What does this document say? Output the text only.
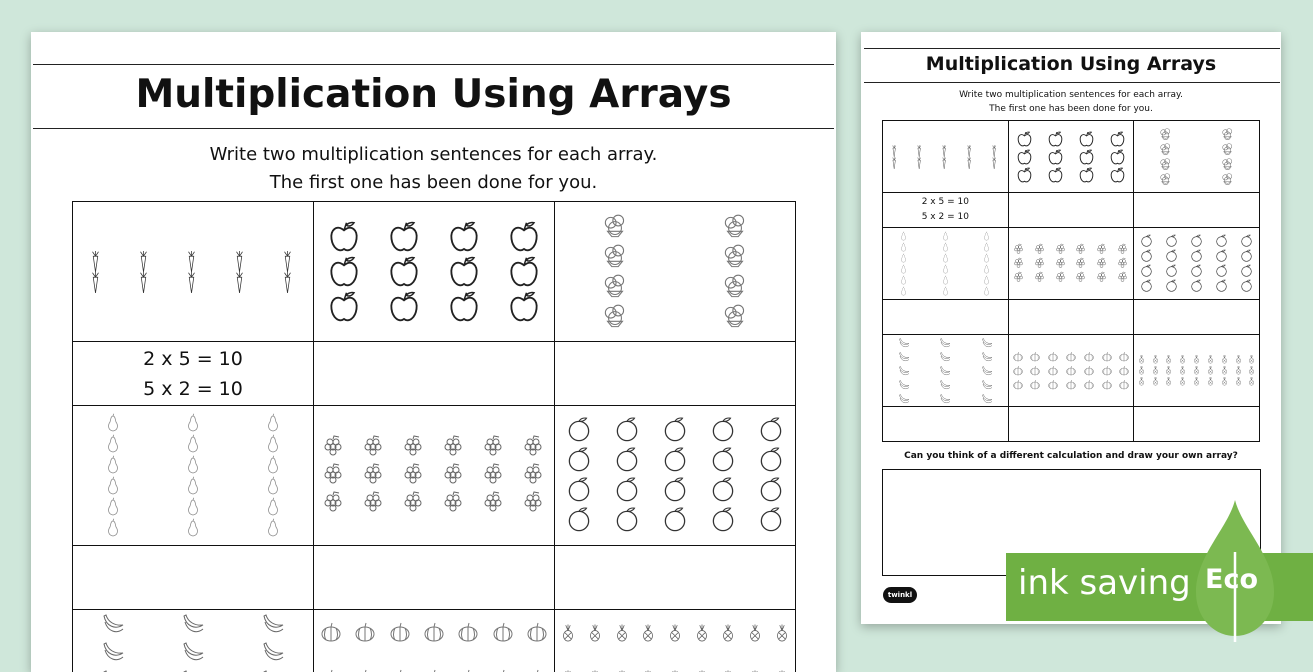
Multiplication Using Arrays
Write two multiplication sentences for each array.
The first one has been done for you.

2 x 5 = 10
5 x 2 = 10		

Multiplication Using Arrays
Write two multiplication sentences for each array.
The first one has been done for you.

2 x 5 = 10
5 x 2 = 10		

Can you think of a different calculation and draw your own array?
twinkl	ink saving Eco
